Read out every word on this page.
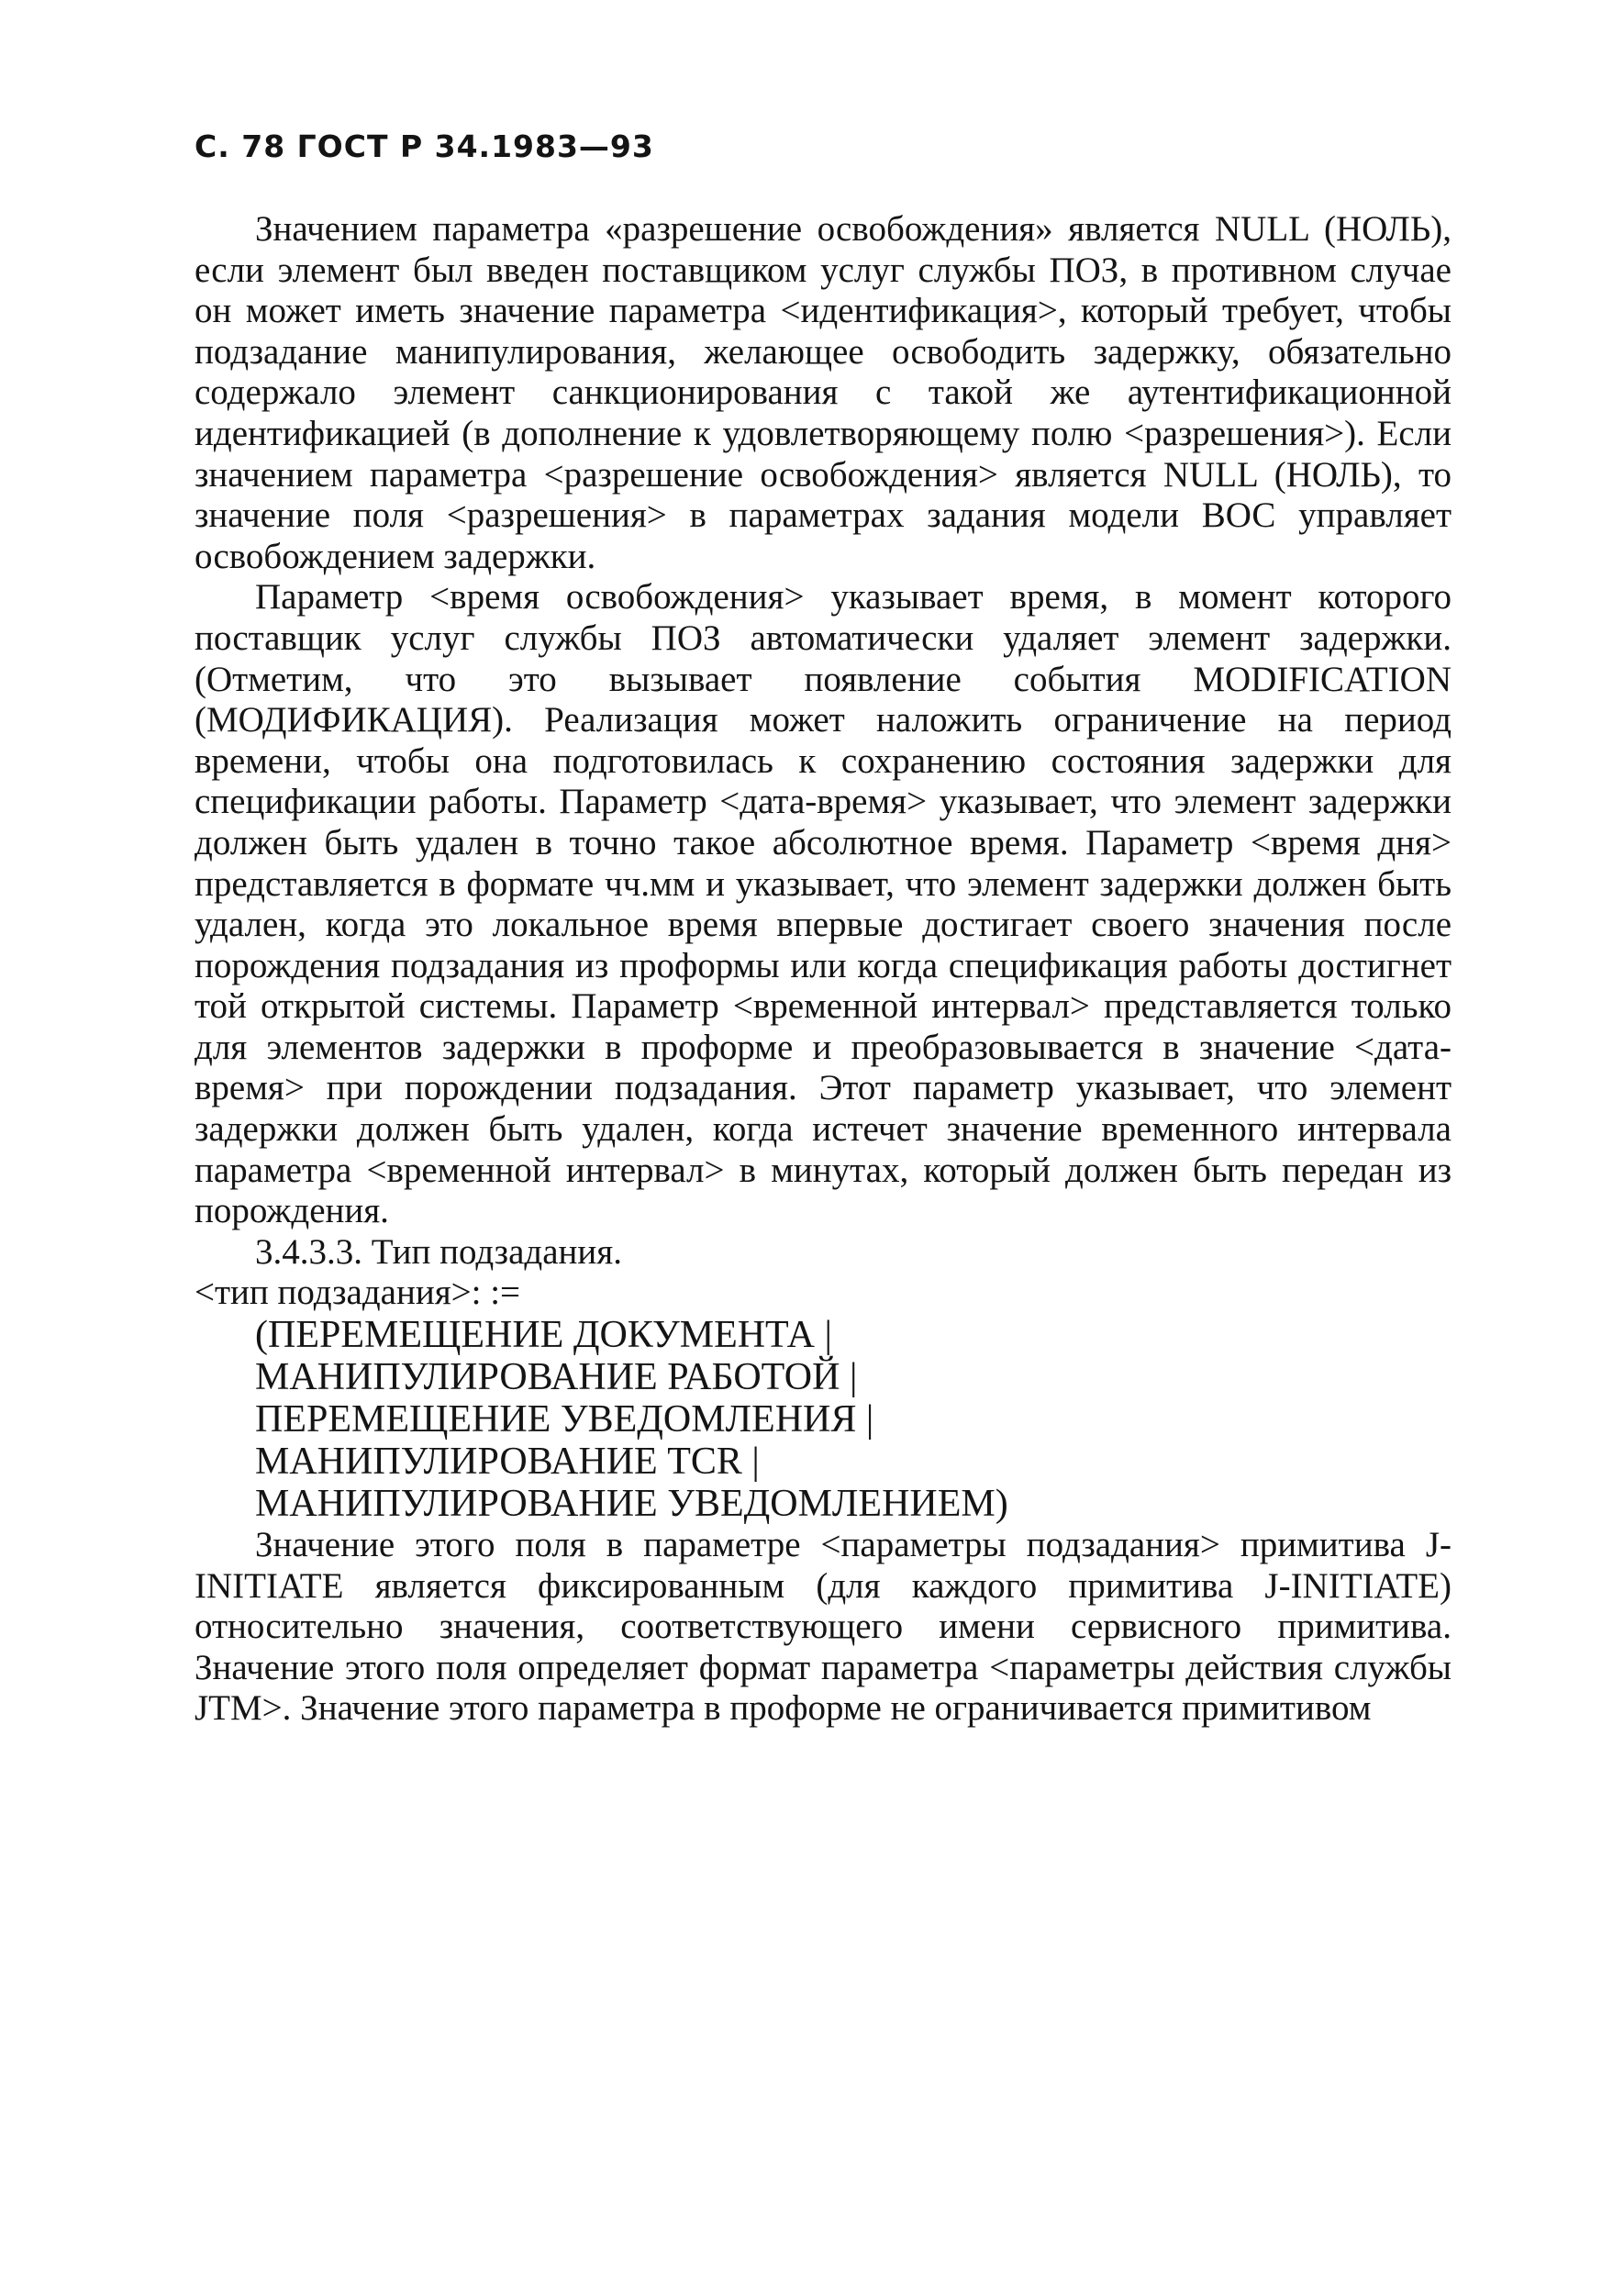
С. 78 ГОСТ Р 34.1983—93

Значением параметра «разрешение освобождения» является NULL (НОЛЬ), если элемент был введен поставщиком услуг службы ПОЗ, в противном случае он может иметь значение параметра <идентификация>, который требует, чтобы подзадание манипулирования, желающее освободить задержку, обязательно содержало элемент санкционирования с такой же аутентификационной идентификацией (в дополнение к удовлетворяющему полю <разрешения>). Если значением параметра <разрешение освобождения> является NULL (НОЛЬ), то значение поля <разрешения> в параметрах задания модели ВОС управляет освобождением задержки.

Параметр <время освобождения> указывает время, в момент которого поставщик услуг службы ПОЗ автоматически удаляет элемент задержки. (Отметим, что это вызывает появление события MODIFICATION (МОДИФИКАЦИЯ). Реализация может наложить ограничение на период времени, чтобы она подготовилась к сохранению состояния задержки для спецификации работы. Параметр <дата-время> указывает, что элемент задержки должен быть удален в точно такое абсолютное время. Параметр <время дня> представляется в формате чч.мм и указывает, что элемент задержки должен быть удален, когда это локальное время впервые достигает своего значения после порождения подзадания из проформы или когда спецификация работы достигнет той открытой системы. Параметр <временной интервал> представляется только для элементов задержки в проформе и преобразовывается в значение <дата-время> при порождении подзадания. Этот параметр указывает, что элемент задержки должен быть удален, когда истечет значение временного интервала параметра <временной интервал> в минутах, который должен быть передан из порождения.

3.4.3.3. Тип подзадания.

<тип подзадания>: :=

(ПЕРЕМЕЩЕНИЕ ДОКУМЕНТА |
МАНИПУЛИРОВАНИЕ РАБОТОЙ |
ПЕРЕМЕЩЕНИЕ УВЕДОМЛЕНИЯ |
МАНИПУЛИРОВАНИЕ TCR |
МАНИПУЛИРОВАНИЕ УВЕДОМЛЕНИЕМ)

Значение этого поля в параметре <параметры подзадания> примитива J-INITIATE является фиксированным (для каждого примитива J-INITIATE) относительно значения, соответствующего имени сервисного примитива. Значение этого поля определяет формат параметра <параметры действия службы JTM>. Значение этого параметра в проформе не ограничивается примитивом
